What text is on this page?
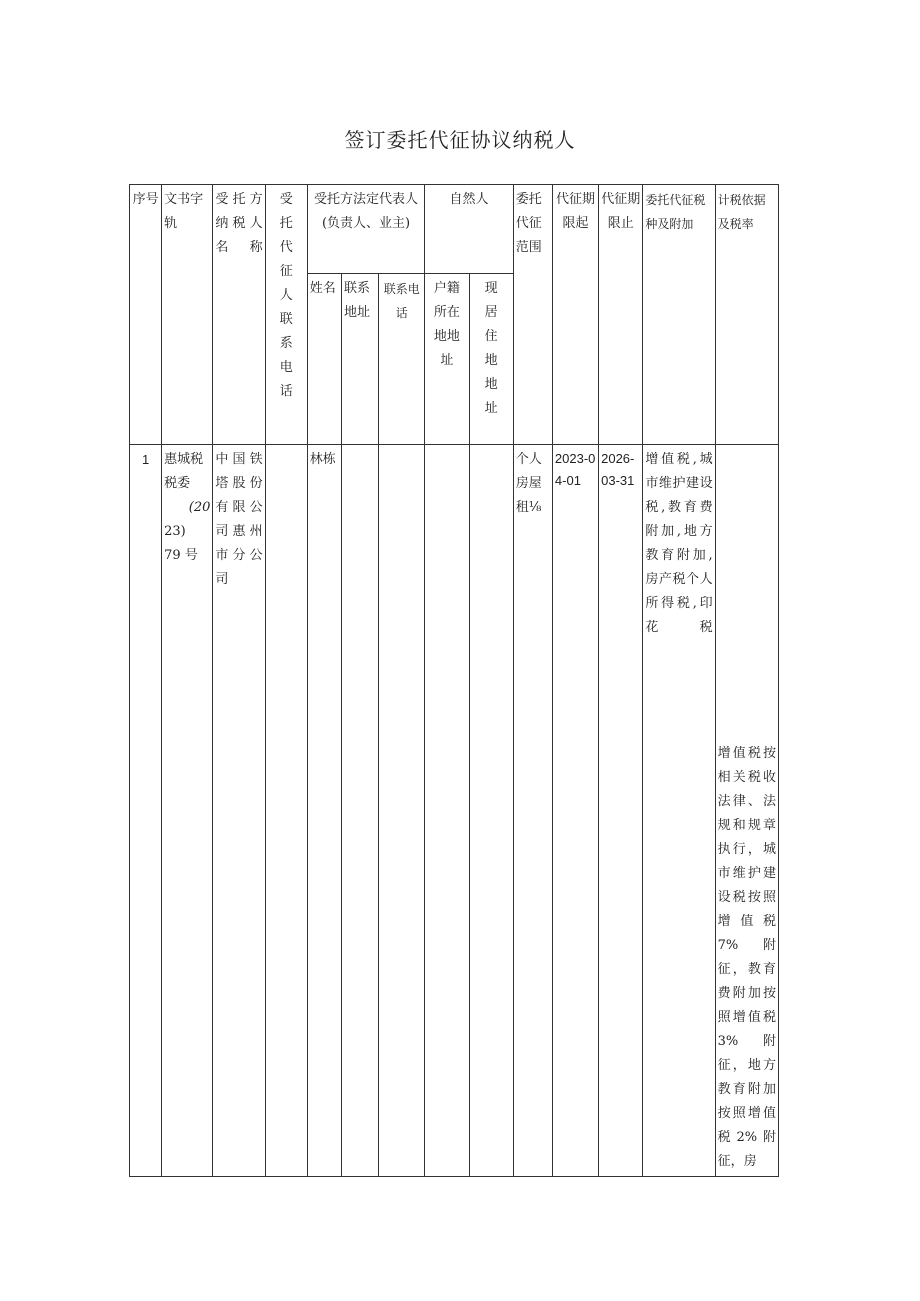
签订委托代征协议纳税人
序号	文书字轨	受托方纳税人名称	受托代征人联系电话	受托方法定代表人(负责人、业主)			自然人		委托代征范围	代征期限起	代征期限止	委托代征税种及附加	计税依据及税率
				姓名	联系地址	联系电话	户籍所在地地址	现居住地地址					
1	惠城税税委
(20
23)
79 号	中国铁塔股份有限公司惠州市分公司		林栋					个人房屋租⅛	2023-04-01	2026-03-31	增值税,城市维护建设税,教育费附加,地方教育附加,房产税个人所得税,印花税	增值税按相关税收法律、法规和规章执行，城市维护建设税按照增值税7%附征，教育费附加按照增值税3%附征，地方教育附加按照增值税2%附征，房
